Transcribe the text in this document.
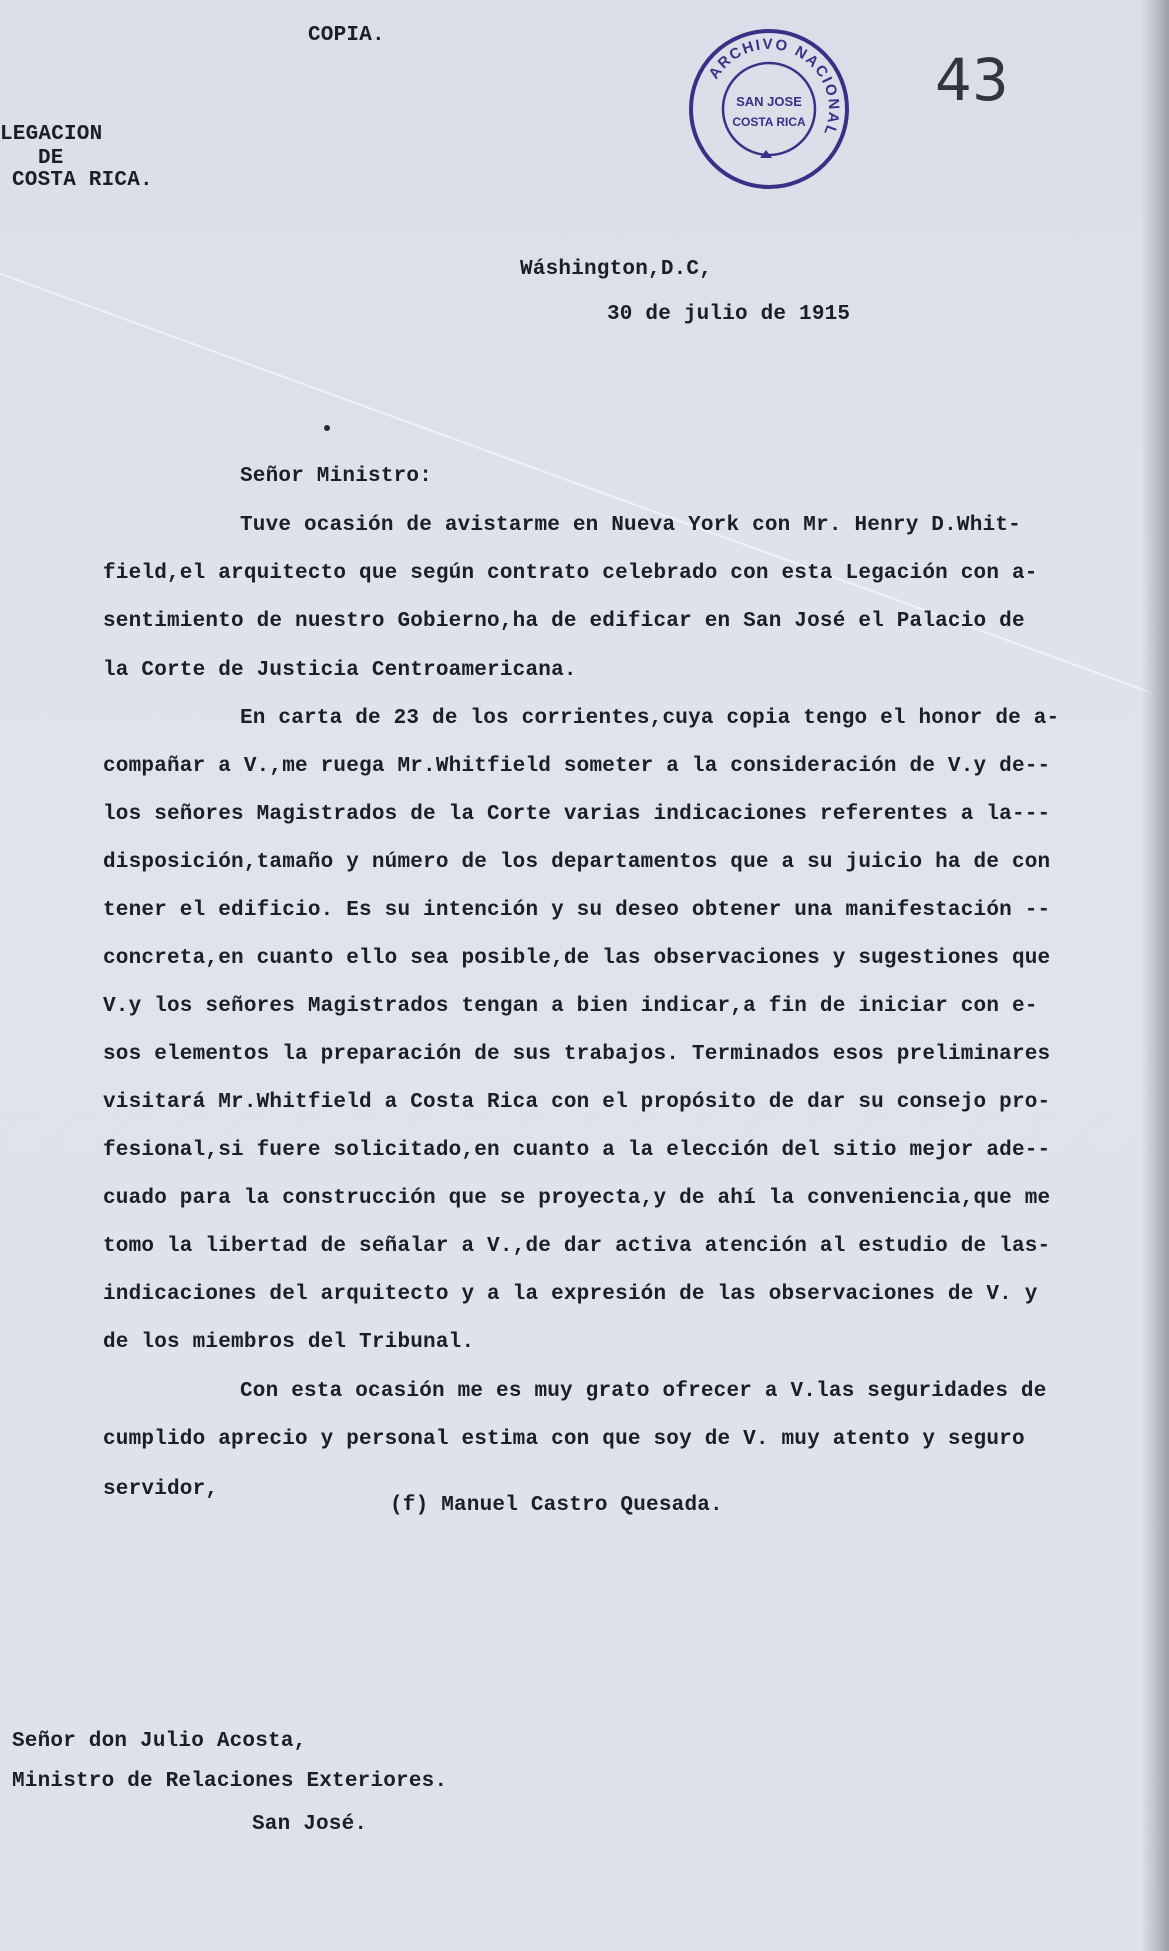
COPIA.
LEGACION
DE
COSTA RICA.
ARCHIVO NACIONAL
SAN JOSE
COSTA RICA
43
Wáshington,D.C,
30 de julio de 1915
Señor Ministro:
Tuve ocasión de avistarme en Nueva York con Mr. Henry D.Whit-
field,el arquitecto que según contrato celebrado con esta Legación con a-
sentimiento de nuestro Gobierno,ha de edificar en San José el Palacio de
la Corte de Justicia Centroamericana.
En carta de 23 de los corrientes,cuya copia tengo el honor de a-
compañar a V.,me ruega Mr.Whitfield someter a la consideración de V.y de--
los señores Magistrados de la Corte varias indicaciones referentes a la---
disposición,tamaño y número de los departamentos que a su juicio ha de con
tener el edificio. Es su intención y su deseo obtener una manifestación --
concreta,en cuanto ello sea posible,de las observaciones y sugestiones que
V.y los señores Magistrados tengan a bien indicar,a fin de iniciar con e-
sos elementos la preparación de sus trabajos. Terminados esos preliminares
visitará Mr.Whitfield a Costa Rica con el propósito de dar su consejo pro-
fesional,si fuere solicitado,en cuanto a la elección del sitio mejor ade--
cuado para la construcción que se proyecta,y de ahí la conveniencia,que me
tomo la libertad de señalar a V.,de dar activa atención al estudio de las-
indicaciones del arquitecto y a la expresión de las observaciones de V. y
de los miembros del Tribunal.
Con esta ocasión me es muy grato ofrecer a V.las seguridades de
cumplido aprecio y personal estima con que soy de V. muy atento y seguro
servidor,
(f) Manuel Castro Quesada.
Señor don Julio Acosta,
Ministro de Relaciones Exteriores.
San José.
